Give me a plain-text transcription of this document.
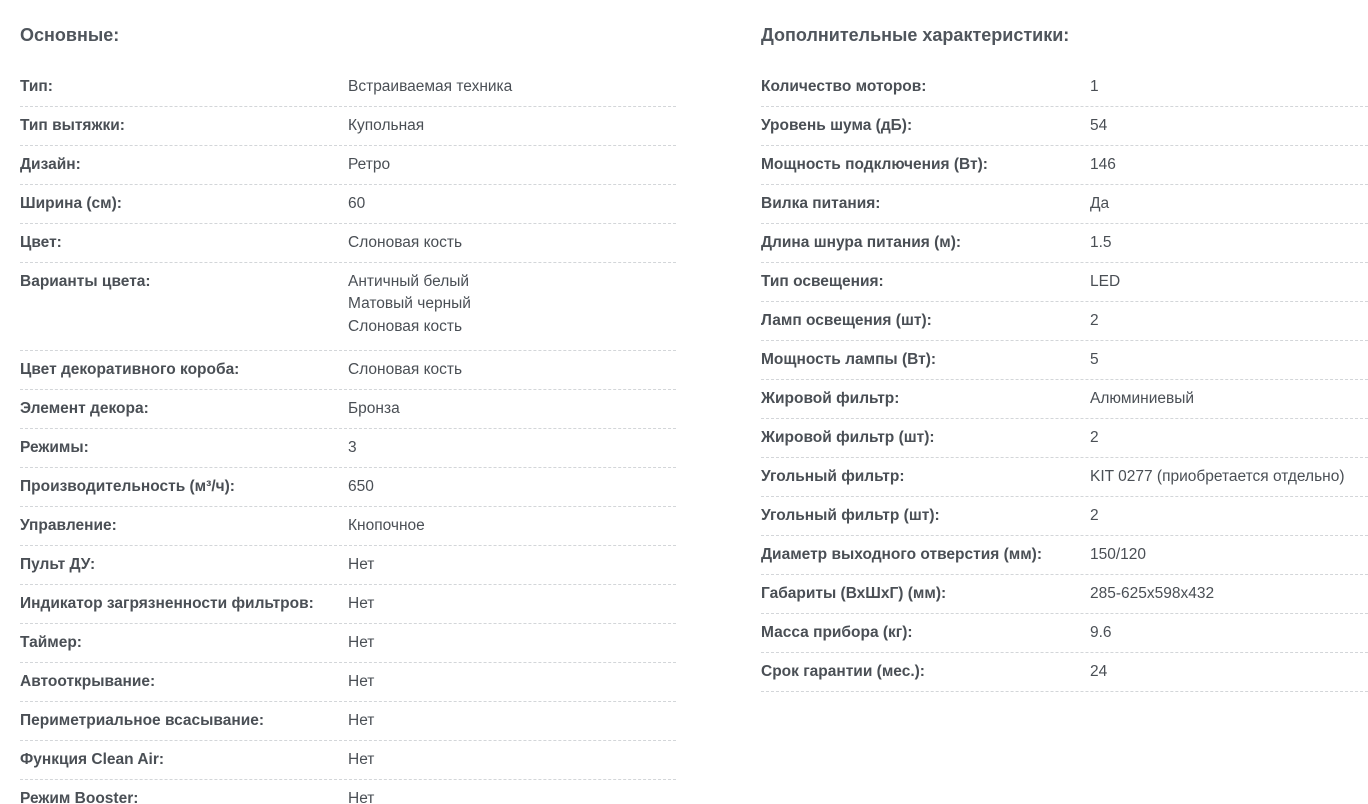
Основные:
Тип:	Встраиваемая техника
Тип вытяжки:	Купольная
Дизайн:	Ретро
Ширина (см):	60
Цвет:	Слоновая кость
Варианты цвета:	Античный белый
Матовый черный
Слоновая кость
Цвет декоративного короба:	Слоновая кость
Элемент декора:	Бронза
Режимы:	3
Производительность (м³/ч):	650
Управление:	Кнопочное
Пульт ДУ:	Нет
Индикатор загрязненности фильтров:	Нет
Таймер:	Нет
Автооткрывание:	Нет
Периметриальное всасывание:	Нет
Функция Clean Air:	Нет
Режим Booster:	Нет
Дополнительные характеристики:
Количество моторов:	1
Уровень шума (дБ):	54
Мощность подключения (Вт):	146
Вилка питания:	Да
Длина шнура питания (м):	1.5
Тип освещения:	LED
Ламп освещения (шт):	2
Мощность лампы (Вт):	5
Жировой фильтр:	Алюминиевый
Жировой фильтр (шт):	2
Угольный фильтр:	KIT 0277 (приобретается отдельно)
Угольный фильтр (шт):	2
Диаметр выходного отверстия (мм):	150/120
Габариты (ВхШхГ) (мм):	285-625x598x432
Масса прибора (кг):	9.6
Срок гарантии (мес.):	24
